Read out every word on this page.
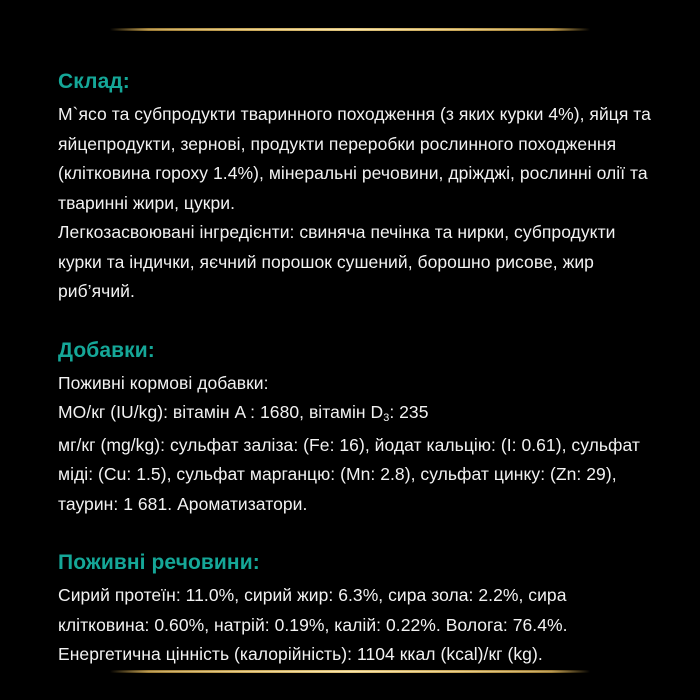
Склад:

М`ясо та субпродукти тваринного походження (з яких курки 4%), яйця та яйцепродукти, зернові, продукти переробки рослинного походження (клітковина гороху 1.4%), мінеральні речовини, дріжджі, рослинні олії та тваринні жири, цукри.

Легкозасвоювані інгредієнти: свиняча печінка та нирки, субпродукти курки та індички, яєчний порошок сушений, борошно рисове, жир риб’ячий.

Добавки:

Поживні кормові добавки:

МО/кг (IU/kg): вітамін A : 1680, вітамін $D_3$: 235

мг/кг (mg/kg): сульфат заліза: (Fe: 16), йодат кальцію: (I: 0.61), сульфат міді: (Cu: 1.5), сульфат марганцю: (Mn: 2.8), сульфат цинку: (Zn: 29), таурин: 1 681. Ароматизатори.

Поживні речовини:

Сирий протеїн: 11.0%, сирий жир: 6.3%, сира зола: 2.2%, сира клітковина: 0.60%, натрій: 0.19%, калій: 0.22%. Волога: 76.4%.

Енергетична цінність (калорійність): 1104 ккал (kcal)/кг (kg).
